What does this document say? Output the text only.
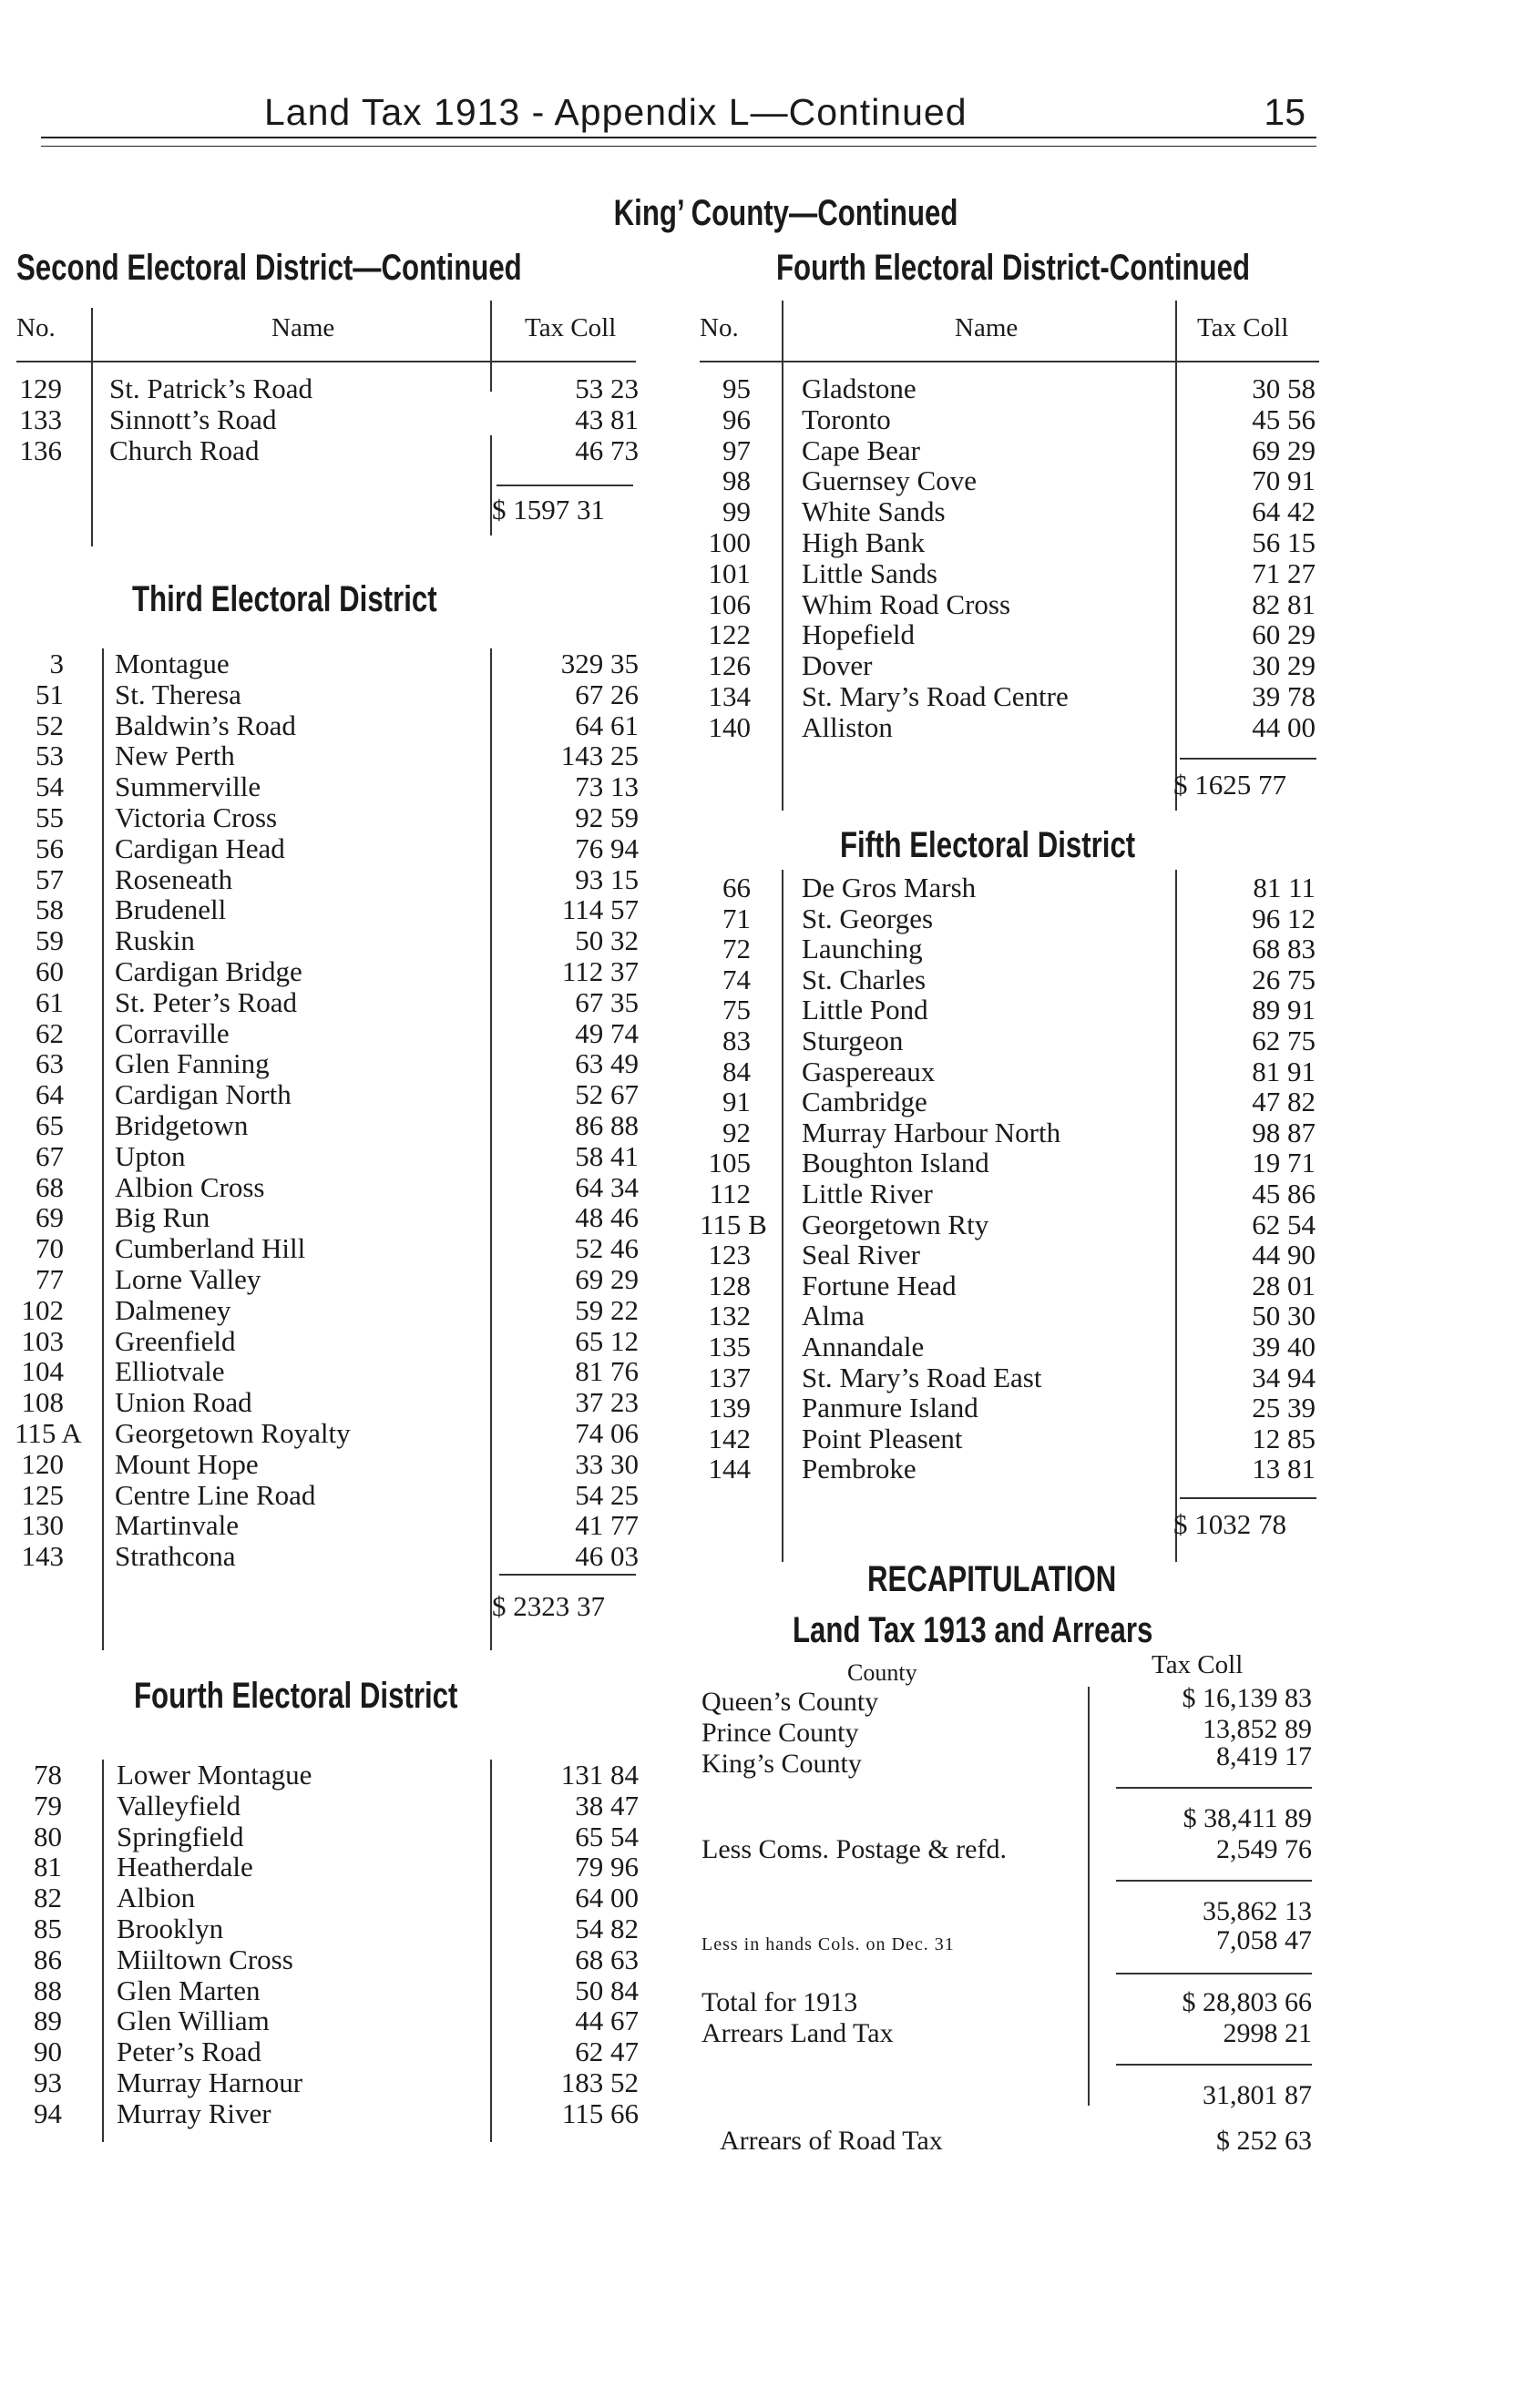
Land Tax 1913 - Appendix L—Continued	15
King’ County—Continued
Second Electoral District—Continued
No.	Name	Tax Coll
129 St. Patrick’s Road	53 23
133 Sinnott’s Road	43 81
136 Church Road	46 73
$ 1597 31
Third Electoral District
3 Montague	329 35
51 St. Theresa	67 26
52 Baldwin’s Road	64 61
53 New Perth	143 25
54 Summerville	73 13
55 Victoria Cross	92 59
56 Cardigan Head	76 94
57 Roseneath	93 15
58 Brudenell	114 57
59 Ruskin	50 32
60 Cardigan Bridge	112 37
61 St. Peter’s Road	67 35
62 Corraville	49 74
63 Glen Fanning	63 49
64 Cardigan North	52 67
65 Bridgetown	86 88
67 Upton	58 41
68 Albion Cross	64 34
69 Big Run	48 46
70 Cumberland Hill	52 46
77 Lorne Valley	69 29
102 Dalmeney	59 22
103 Greenfield	65 12
104 Elliotvale	81 76
108 Union Road	37 23
115 A Georgetown Royalty	74 06
120 Mount Hope	33 30
125 Centre Line Road	54 25
130 Martinvale	41 77
143 Strathcona	46 03
$ 2323 37
Fourth Electoral District
78 Lower Montague	131 84
79 Valleyfield	38 47
80 Springfield	65 54
81 Heatherdale	79 96
82 Albion	64 00
85 Brooklyn	54 82
86 Miiltown Cross	68 63
88 Glen Marten	50 84
89 Glen William	44 67
90 Peter’s Road	62 47
93 Murray Harnour	183 52
94 Murray River	115 66
Fourth Electoral District-Continued
No.	Name	Tax Coll
95 Gladstone	30 58
96 Toronto	45 56
97 Cape Bear	69 29
98 Guernsey Cove	70 91
99 White Sands	64 42
100 High Bank	56 15
101 Little Sands	71 27
106 Whim Road Cross	82 81
122 Hopefield	60 29
126 Dover	30 29
134 St. Mary’s Road Centre	39 78
140 Alliston	44 00
$ 1625 77
Fifth Electoral District
66 De Gros Marsh	81 11
71 St. Georges	96 12
72 Launching	68 83
74 St. Charles	26 75
75 Little Pond	89 91
83 Sturgeon	62 75
84 Gaspereaux	81 91
91 Cambridge	47 82
92 Murray Harbour North	98 87
105 Boughton Island	19 71
112 Little River	45 86
115 B Georgetown Rty	62 54
123 Seal River	44 90
128 Fortune Head	28 01
132 Alma	50 30
135 Annandale	39 40
137 St. Mary’s Road East	34 94
139 Panmure Island	25 39
142 Point Pleasent	12 85
144 Pembroke	13 81
$ 1032 78
RECAPITULATION
Land Tax 1913 and Arrears
County	Tax Coll
Queen’s County	$ 16,139 83
Prince County	13,852 89
King’s County	8,419 17
$ 38,411 89
Less Coms. Postage & refd.	2,549 76
35,862 13
Less in hands Cols. on Dec. 31	7,058 47
Total for 1913	$ 28,803 66
Arrears Land Tax	2998 21
31,801 87
Arrears of Road Tax	$ 252 63
